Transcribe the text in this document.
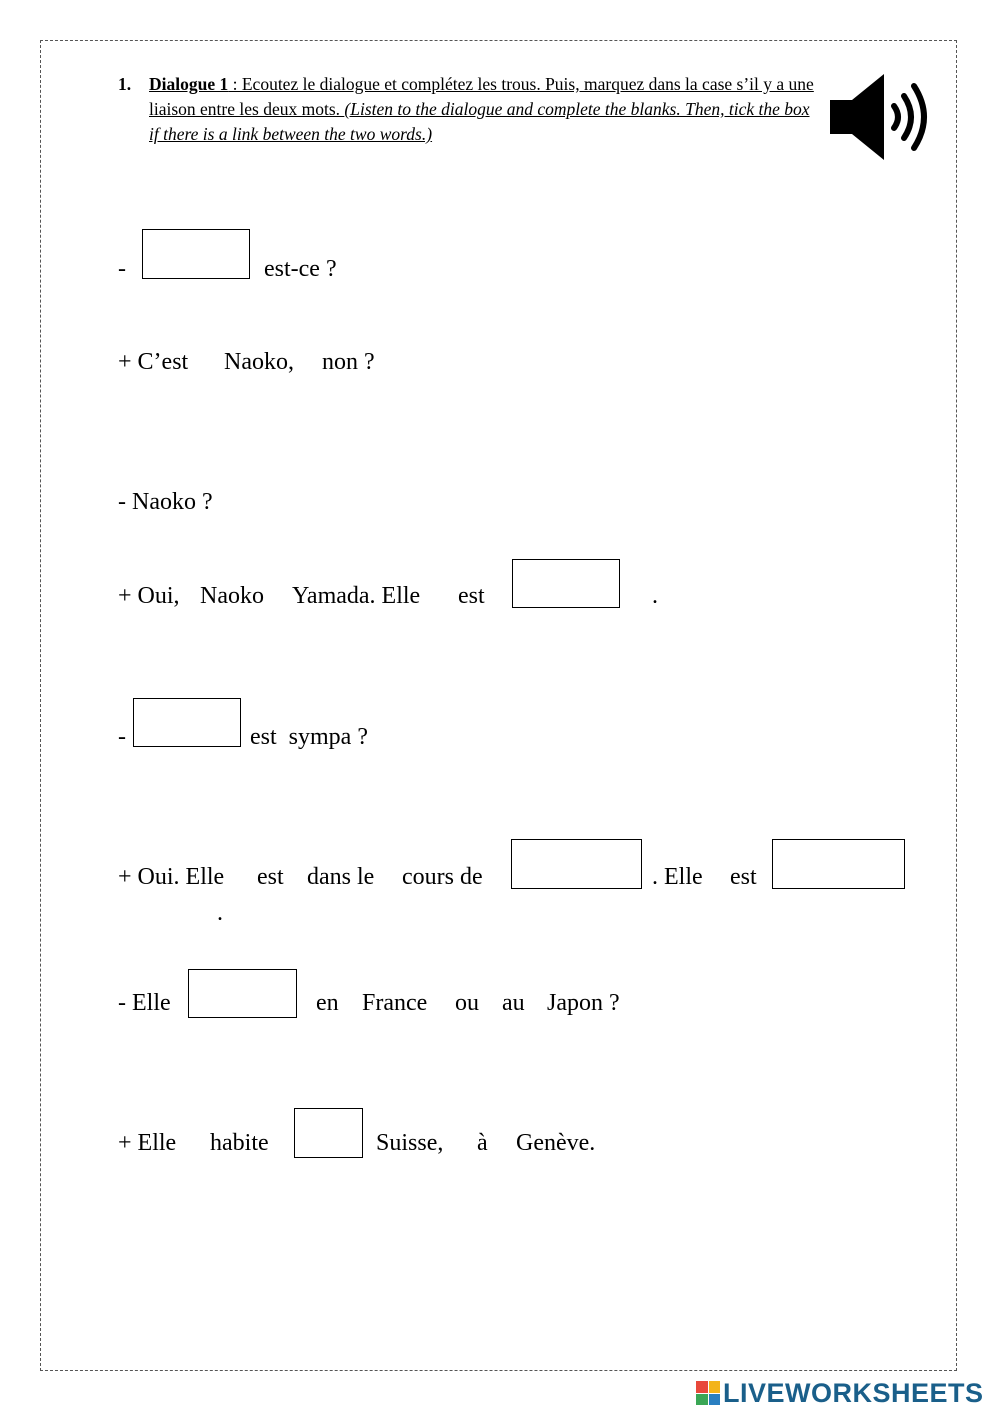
1. Dialogue 1 : Ecoutez le dialogue et complétez les trous. Puis, marquez dans la case s’il y a une liaison entre les deux mots. (Listen to the dialogue and complete the blanks. Then, tick the box if there is a link between the two words.)
-	est-ce ?
+ C’est Naoko, non ?
- Naoko ?
+ Oui, Naoko Yamada. Elle est	.
-	est  sympa ?
+ Oui. Elle est dans le cours de	. Elle est
.
- Elle	en France ou au Japon ?
+ Elle habite	Suisse, à Genève.
LIVEWORKSHEETS
